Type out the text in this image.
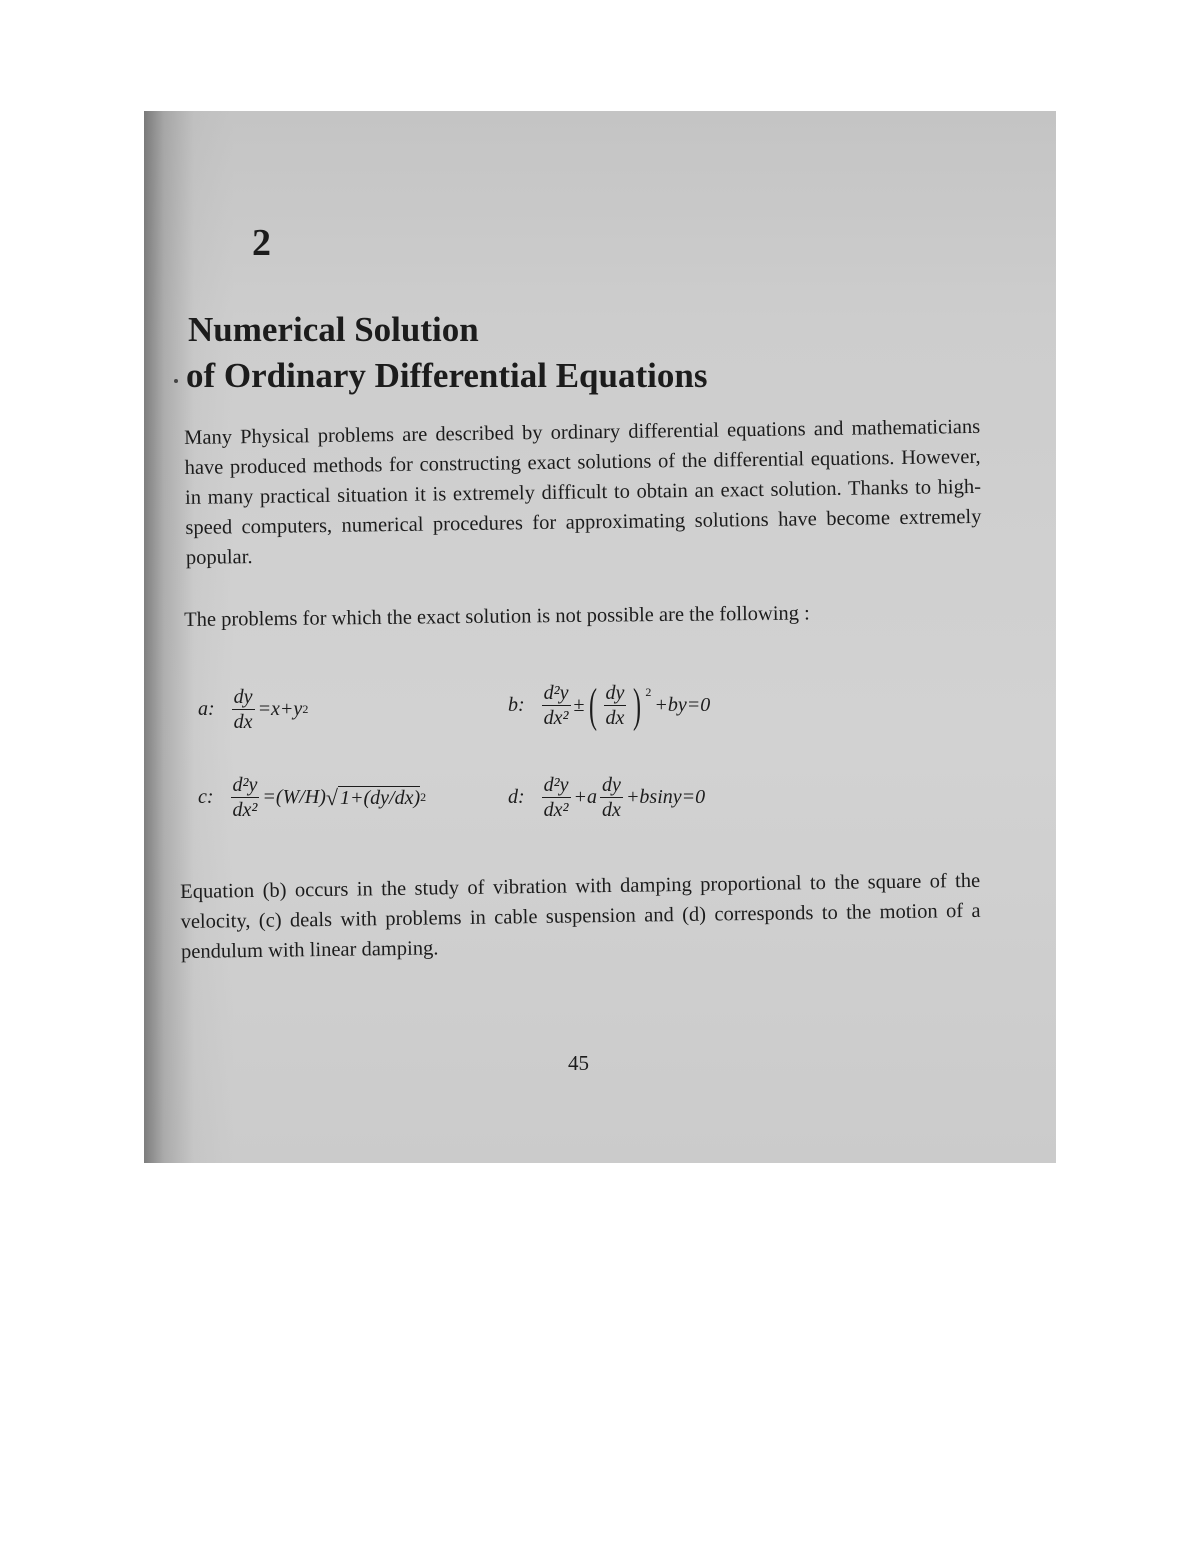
2

Numerical Solution
of Ordinary Differential Equations

Many Physical problems are described by ordinary differential equations and mathematicians have produced methods for constructing exact solutions of the differential equations. However, in many practical situation it is extremely difficult to obtain an exact solution. Thanks to high-speed computers, numerical procedures for approximating solutions have become extremely popular.

The problems for which the exact solution is not possible are the following :

a: $\frac{dy}{dx} =x+y$ 2	b: $\frac{\text{d²y}}{\text{dx²}}$ ± ( $\frac{dy}{dx}$ ) $^2$
+by=0
c: $\frac{\text{d²y}}{\text{dx²}} =(W/H)$ √ 1+(dy/dx) 2	d: $\frac{\text{d²y}}{\text{dx²}} +a \frac{dy}{dx} +bsiny=0$

Equation (b) occurs in the study of vibration with damping proportional to the square of the velocity, (c) deals with problems in cable suspension and (d) corresponds to the motion of a pendulum with linear damping.

45
